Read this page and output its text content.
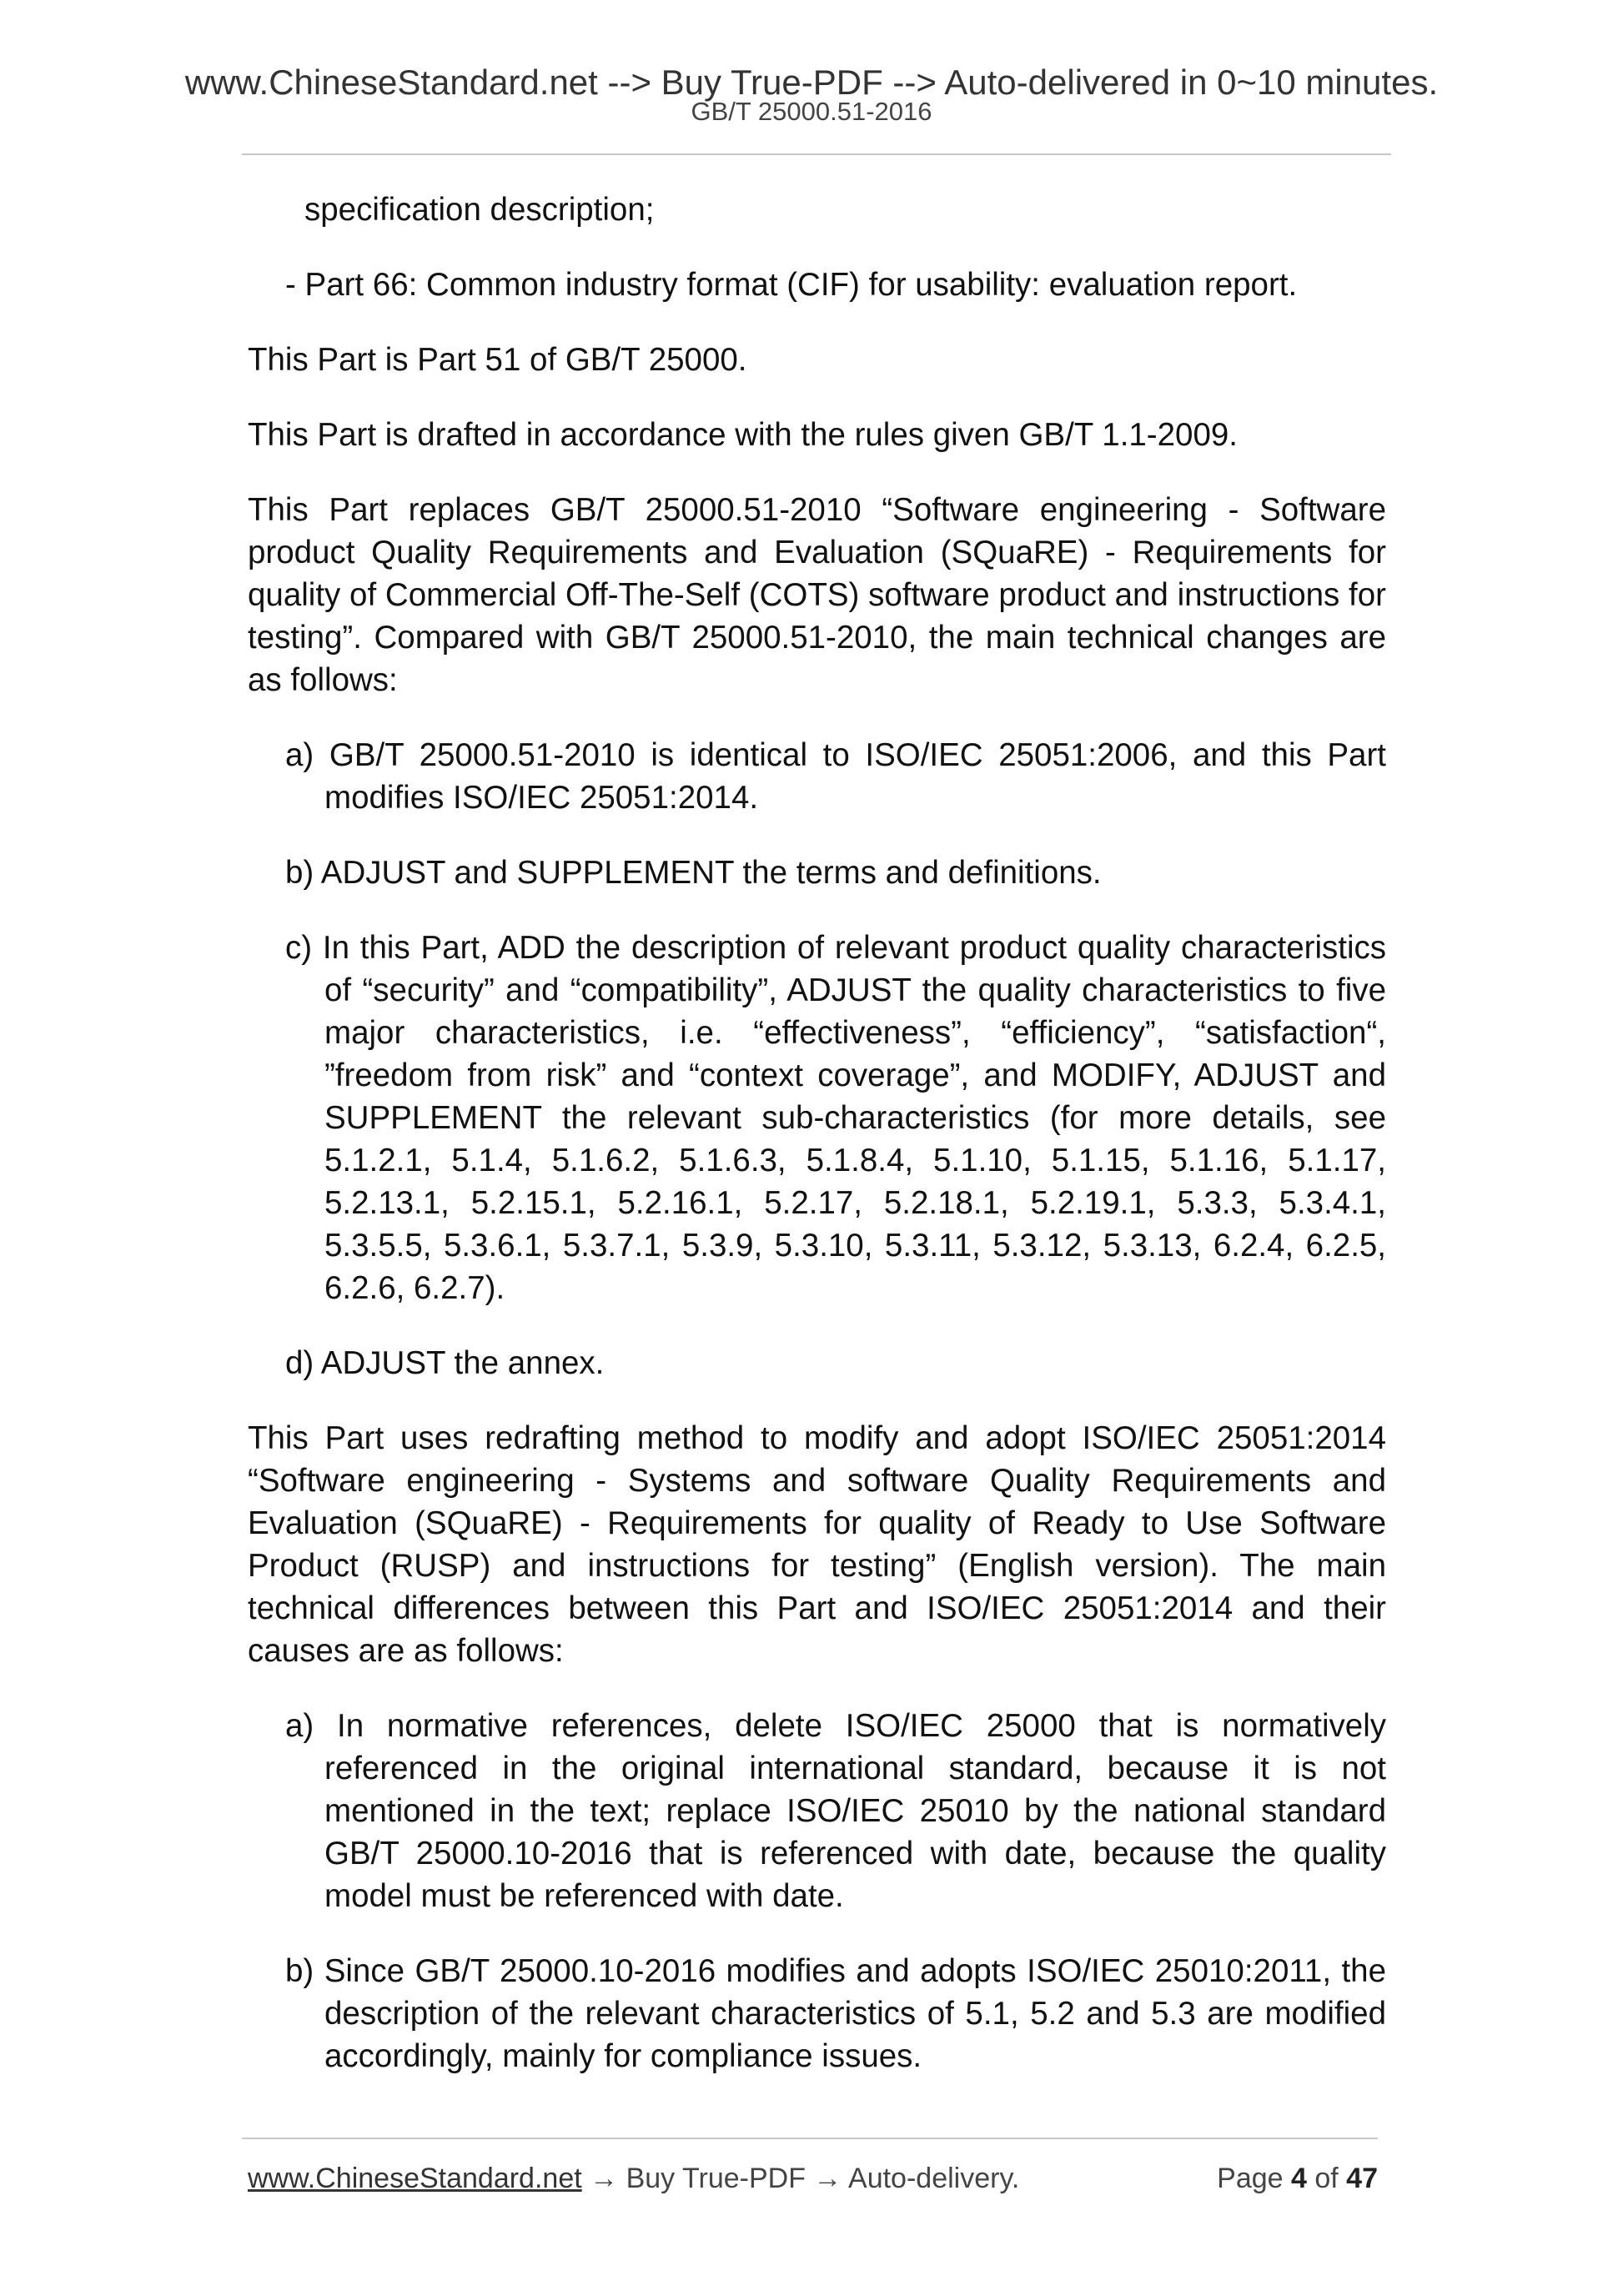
www.ChineseStandard.net --> Buy True-PDF --> Auto-delivered in 0~10 minutes.
GB/T 25000.51-2016

specification description;

- Part 66: Common industry format (CIF) for usability: evaluation report.

This Part is Part 51 of GB/T 25000.

This Part is drafted in accordance with the rules given GB/T 1.1-2009.

This Part replaces GB/T 25000.51-2010 “Software engineering - Software product Quality Requirements and Evaluation (SQuaRE) - Requirements for quality of Commercial Off-The-Self (COTS) software product and instructions for testing”. Compared with GB/T 25000.51-2010, the main technical changes are as follows:

a) GB/T 25000.51-2010 is identical to ISO/IEC 25051:2006, and this Part modifies ISO/IEC 25051:2014.

b) ADJUST and SUPPLEMENT the terms and definitions.

c) In this Part, ADD the description of relevant product quality characteristics of “security” and “compatibility”, ADJUST the quality characteristics to five major characteristics, i.e. “effectiveness”, “efficiency”, “satisfaction“, ”freedom from risk” and “context coverage”, and MODIFY, ADJUST and SUPPLEMENT the relevant sub-characteristics (for more details, see 5.1.2.1, 5.1.4, 5.1.6.2, 5.1.6.3, 5.1.8.4, 5.1.10, 5.1.15, 5.1.16, 5.1.17, 5.2.13.1, 5.2.15.1, 5.2.16.1, 5.2.17, 5.2.18.1, 5.2.19.1, 5.3.3, 5.3.4.1, 5.3.5.5, 5.3.6.1, 5.3.7.1, 5.3.9, 5.3.10, 5.3.11, 5.3.12, 5.3.13, 6.2.4, 6.2.5, 6.2.6, 6.2.7).

d) ADJUST the annex.

This Part uses redrafting method to modify and adopt ISO/IEC 25051:2014 “Software engineering - Systems and software Quality Requirements and Evaluation (SQuaRE) - Requirements for quality of Ready to Use Software Product (RUSP) and instructions for testing” (English version). The main technical differences between this Part and ISO/IEC 25051:2014 and their causes are as follows:

a) In normative references, delete ISO/IEC 25000 that is normatively referenced in the original international standard, because it is not mentioned in the text; replace ISO/IEC 25010 by the national standard GB/T 25000.10-2016 that is referenced with date, because the quality model must be referenced with date.

b) Since GB/T 25000.10-2016 modifies and adopts ISO/IEC 25010:2011, the description of the relevant characteristics of 5.1, 5.2 and 5.3 are modified accordingly, mainly for compliance issues.

www.ChineseStandard.net → Buy True-PDF → Auto-delivery.	Page 4 of 47
